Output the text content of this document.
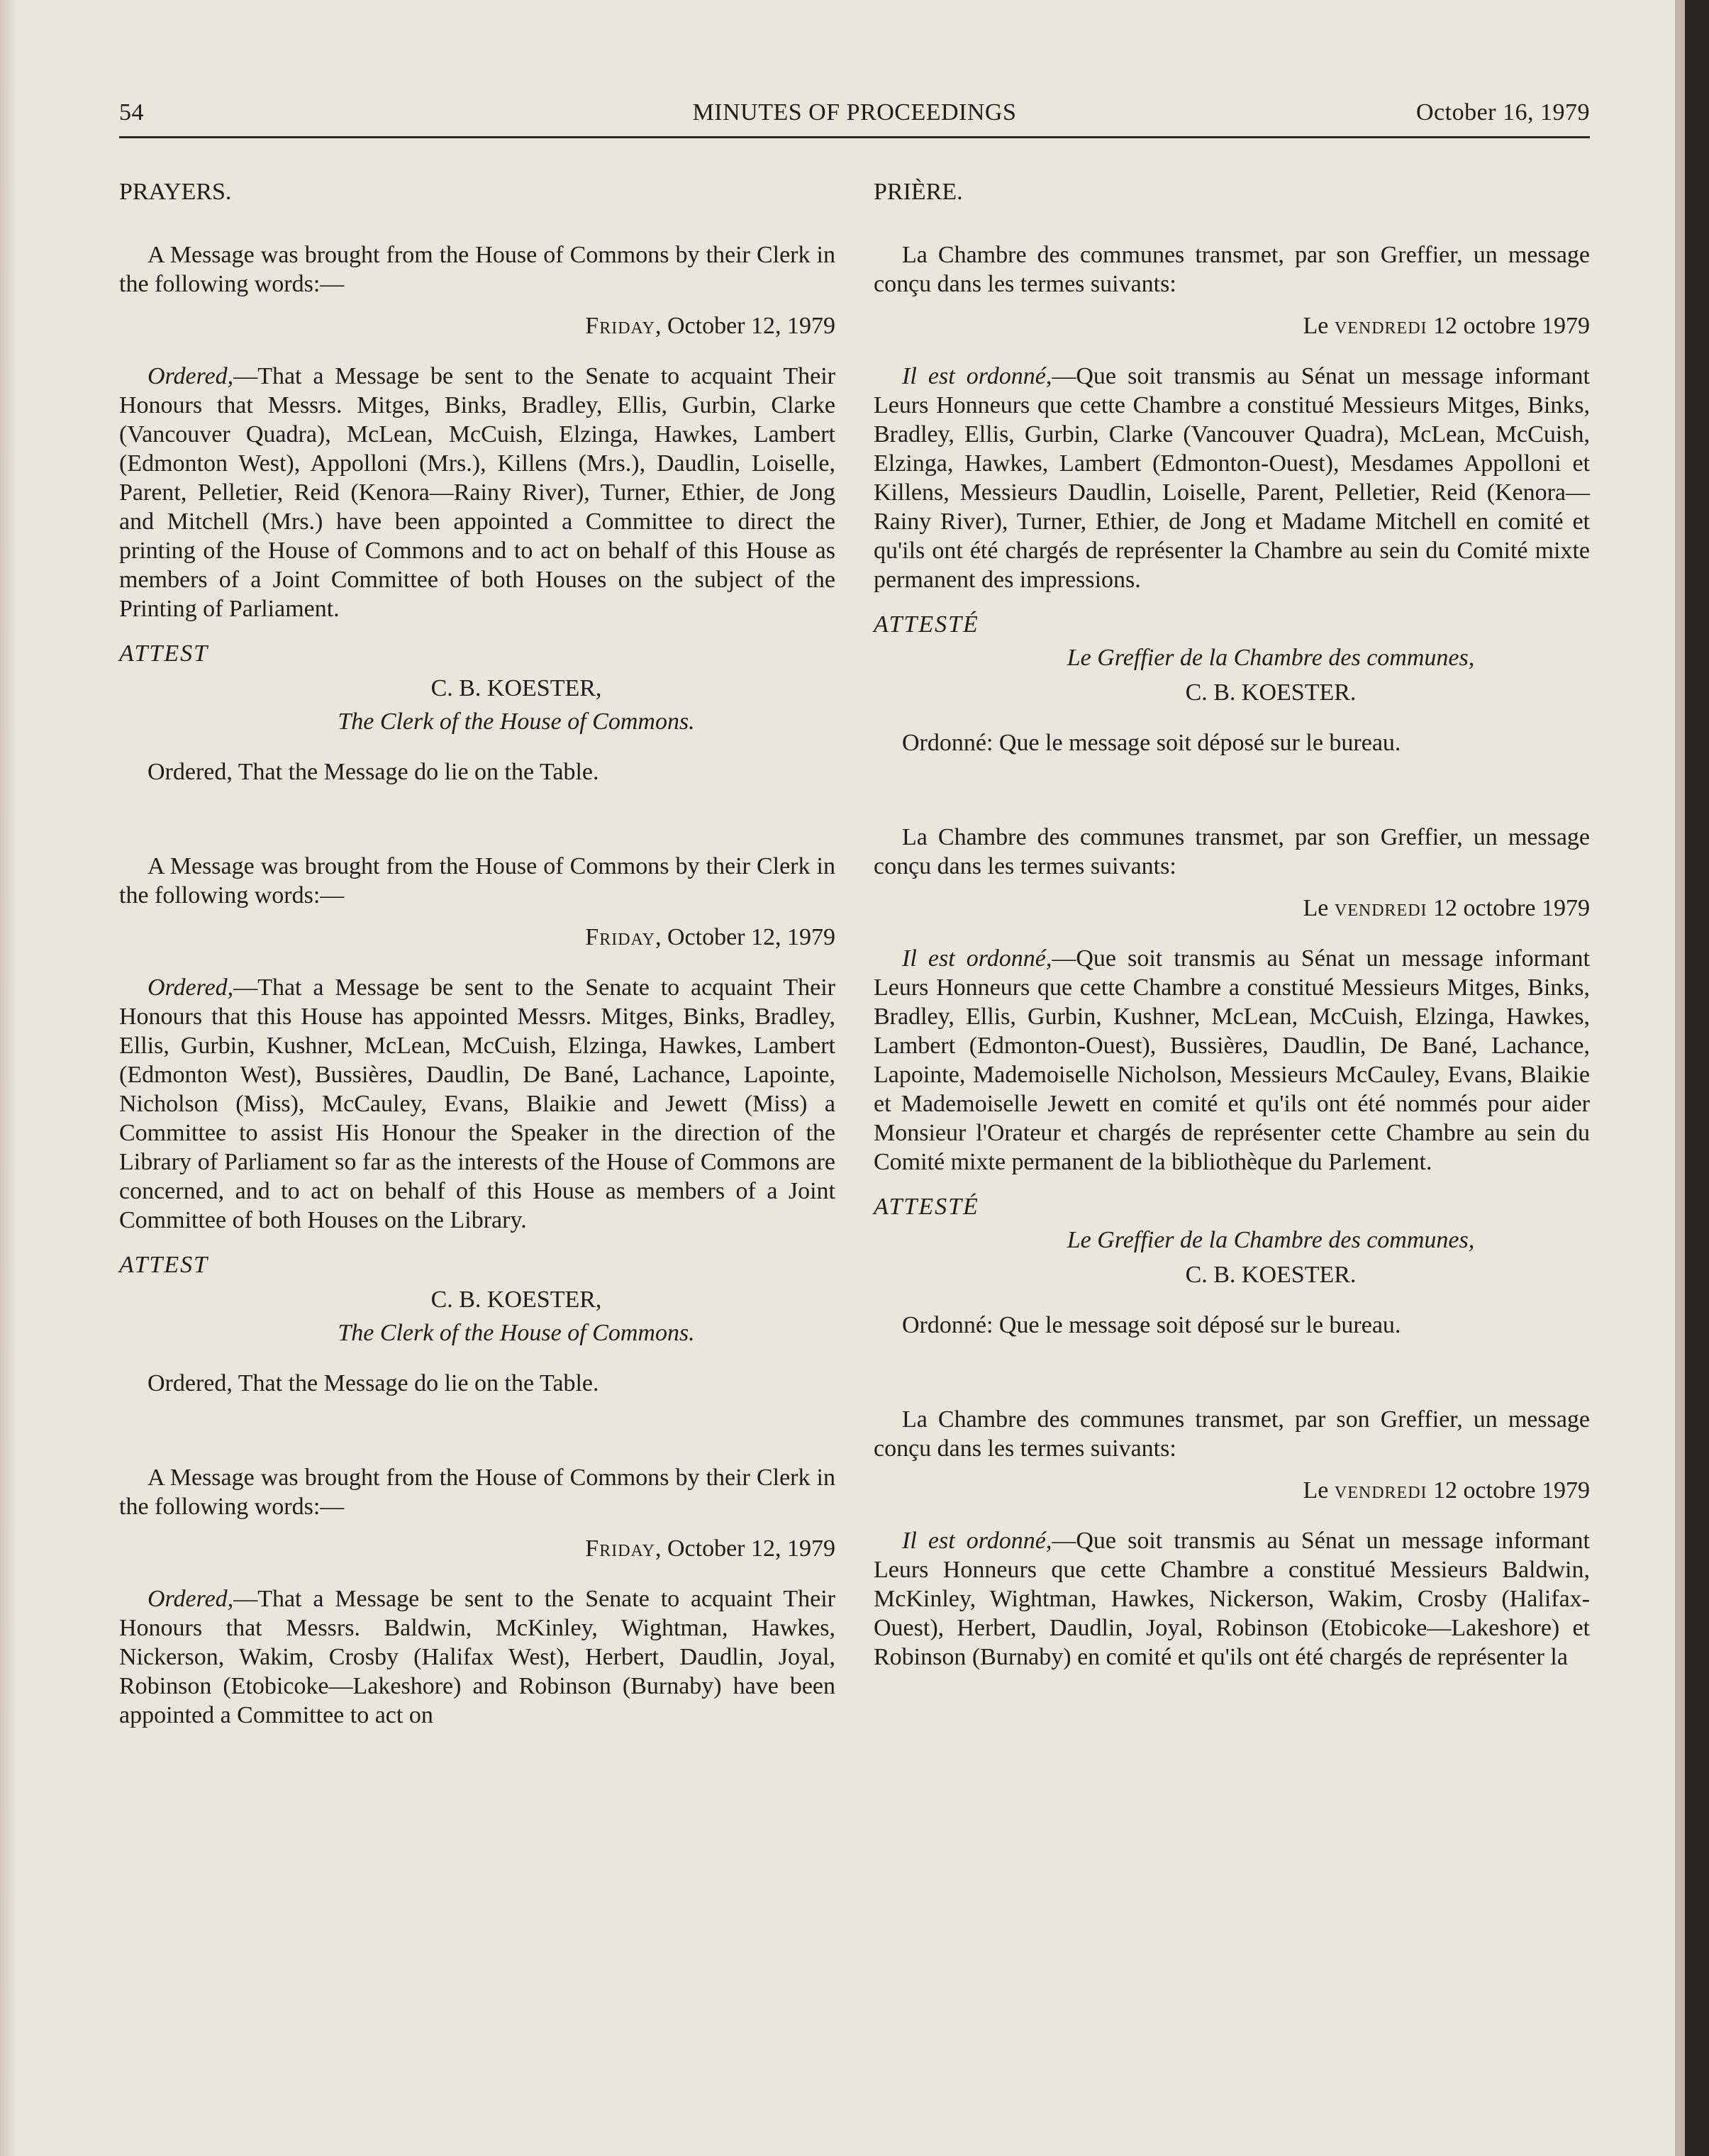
MINUTES OF PROCEEDINGS
54	October 16, 1979

PRAYERS.

A Message was brought from the House of Commons by their Clerk in the following words:—

Friday, October 12, 1979

Ordered,—That a Message be sent to the Senate to acquaint Their Honours that Messrs. Mitges, Binks, Bradley, Ellis, Gurbin, Clarke (Vancouver Quadra), McLean, McCuish, Elzinga, Hawkes, Lambert (Edmonton West), Appolloni (Mrs.), Killens (Mrs.), Daudlin, Loiselle, Parent, Pelletier, Reid (Kenora—Rainy River), Turner, Ethier, de Jong and Mitchell (Mrs.) have been appointed a Committee to direct the printing of the House of Commons and to act on behalf of this House as members of a Joint Committee of both Houses on the subject of the Printing of Parliament.

ATTEST

C. B. KOESTER,

The Clerk of the House of Commons.

Ordered, That the Message do lie on the Table.

A Message was brought from the House of Commons by their Clerk in the following words:—

Friday, October 12, 1979

Ordered,—That a Message be sent to the Senate to acquaint Their Honours that this House has appointed Messrs. Mitges, Binks, Bradley, Ellis, Gurbin, Kushner, McLean, McCuish, Elzinga, Hawkes, Lambert (Edmonton West), Bussières, Daudlin, De Bané, Lachance, Lapointe, Nicholson (Miss), McCauley, Evans, Blaikie and Jewett (Miss) a Committee to assist His Honour the Speaker in the direction of the Library of Parliament so far as the interests of the House of Commons are concerned, and to act on behalf of this House as members of a Joint Committee of both Houses on the Library.

ATTEST

C. B. KOESTER,

The Clerk of the House of Commons.

Ordered, That the Message do lie on the Table.

A Message was brought from the House of Commons by their Clerk in the following words:—

Friday, October 12, 1979

Ordered,—That a Message be sent to the Senate to acquaint Their Honours that Messrs. Baldwin, McKinley, Wightman, Hawkes, Nickerson, Wakim, Crosby (Halifax West), Herbert, Daudlin, Joyal, Robinson (Etobicoke—Lakeshore) and Robinson (Burnaby) have been appointed a Committee to act on

PRIÈRE.

La Chambre des communes transmet, par son Greffier, un message conçu dans les termes suivants:

Le vendredi 12 octobre 1979

Il est ordonné,—Que soit transmis au Sénat un message informant Leurs Honneurs que cette Chambre a constitué Messieurs Mitges, Binks, Bradley, Ellis, Gurbin, Clarke (Vancouver Quadra), McLean, McCuish, Elzinga, Hawkes, Lambert (Edmonton-Ouest), Mesdames Appolloni et Killens, Messieurs Daudlin, Loiselle, Parent, Pelletier, Reid (Kenora—Rainy River), Turner, Ethier, de Jong et Madame Mitchell en comité et qu'ils ont été chargés de représenter la Chambre au sein du Comité mixte permanent des impressions.

ATTESTÉ

Le Greffier de la Chambre des communes,

C. B. KOESTER.

Ordonné: Que le message soit déposé sur le bureau.

La Chambre des communes transmet, par son Greffier, un message conçu dans les termes suivants:

Le vendredi 12 octobre 1979

Il est ordonné,—Que soit transmis au Sénat un message informant Leurs Honneurs que cette Chambre a constitué Messieurs Mitges, Binks, Bradley, Ellis, Gurbin, Kushner, McLean, McCuish, Elzinga, Hawkes, Lambert (Edmonton-Ouest), Bussières, Daudlin, De Bané, Lachance, Lapointe, Mademoiselle Nicholson, Messieurs McCauley, Evans, Blaikie et Mademoiselle Jewett en comité et qu'ils ont été nommés pour aider Monsieur l'Orateur et chargés de représenter cette Chambre au sein du Comité mixte permanent de la bibliothèque du Parlement.

ATTESTÉ

Le Greffier de la Chambre des communes,

C. B. KOESTER.

Ordonné: Que le message soit déposé sur le bureau.

La Chambre des communes transmet, par son Greffier, un message conçu dans les termes suivants:

Le vendredi 12 octobre 1979

Il est ordonné,—Que soit transmis au Sénat un message informant Leurs Honneurs que cette Chambre a constitué Messieurs Baldwin, McKinley, Wightman, Hawkes, Nickerson, Wakim, Crosby (Halifax-Ouest), Herbert, Daudlin, Joyal, Robinson (Etobicoke—Lakeshore) et Robinson (Burnaby) en comité et qu'ils ont été chargés de représenter la
